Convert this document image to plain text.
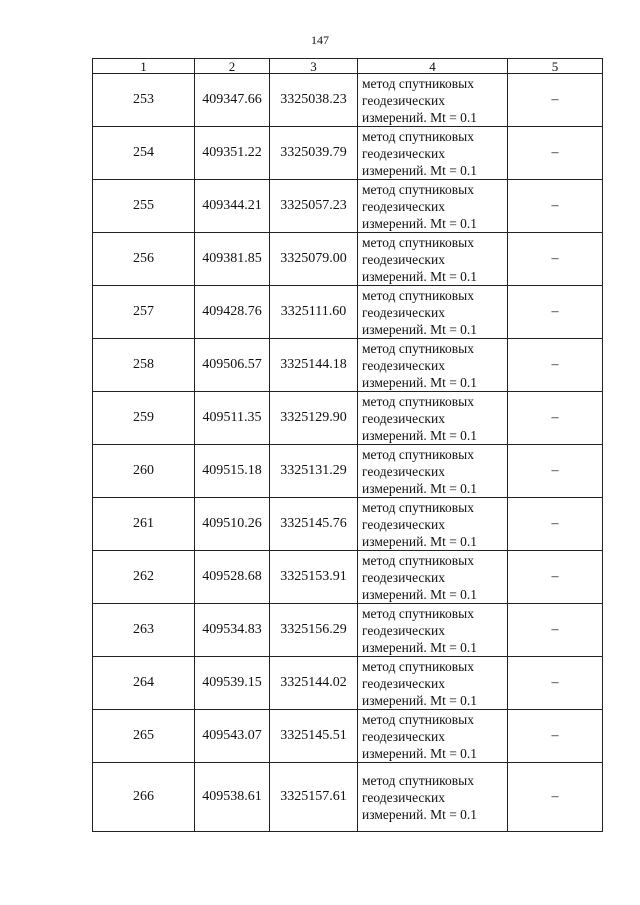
147
1	2	3	4	5
253	409347.66	3325038.23	метод спутниковых
геодезических
измерений. Mt = 0.1	–
254	409351.22	3325039.79	метод спутниковых
геодезических
измерений. Mt = 0.1	–
255	409344.21	3325057.23	метод спутниковых
геодезических
измерений. Mt = 0.1	–
256	409381.85	3325079.00	метод спутниковых
геодезических
измерений. Mt = 0.1	–
257	409428.76	3325111.60	метод спутниковых
геодезических
измерений. Mt = 0.1	–
258	409506.57	3325144.18	метод спутниковых
геодезических
измерений. Mt = 0.1	–
259	409511.35	3325129.90	метод спутниковых
геодезических
измерений. Mt = 0.1	–
260	409515.18	3325131.29	метод спутниковых
геодезических
измерений. Mt = 0.1	–
261	409510.26	3325145.76	метод спутниковых
геодезических
измерений. Mt = 0.1	–
262	409528.68	3325153.91	метод спутниковых
геодезических
измерений. Mt = 0.1	–
263	409534.83	3325156.29	метод спутниковых
геодезических
измерений. Mt = 0.1	–
264	409539.15	3325144.02	метод спутниковых
геодезических
измерений. Mt = 0.1	–
265	409543.07	3325145.51	метод спутниковых
геодезических
измерений. Mt = 0.1	–
266	409538.61	3325157.61	метод спутниковых
геодезических
измерений. Mt = 0.1	–
